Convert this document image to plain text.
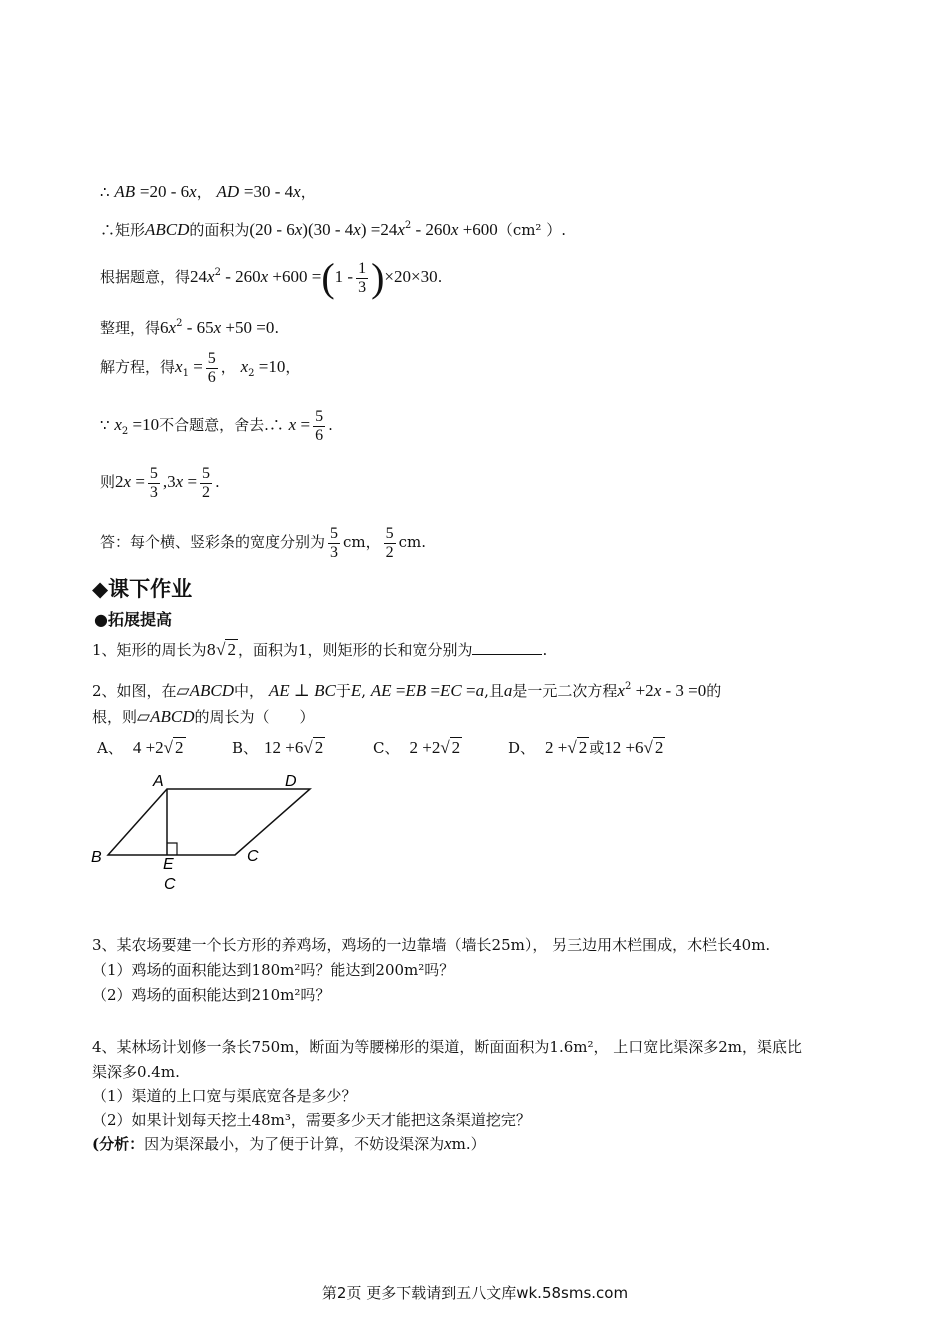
∴ AB =20 - 6x， AD =30 - 4x，
∴矩形ABCD的面积为$(20 - 6x)(30 - 4x) =24x^2 - 260x +600(cm^2$ ）.
根据题意，得$24x^2 - 260x +600 =(1 - \frac{1}{3} )\times 20\times 30$.
整理，得$6x^2 - 65x +50 =0$.
解方程，得$x_1 = \frac{5}{6}$ ， $x_2 =10$，
∵ $x_2 =10$不合题意，舍去.∴ $x = \frac{5}{6}$ .
则$2x = \frac{5}{3} ,3x = \frac{5}{2}$ .
答：每个横、竖彩条的宽度分别为 $\frac{5}{3}$ cm， $\frac{5}{2}$ cm.
◆课下作业
●拓展提高
1、矩形的周长为8√ 2 ，面积为1，则矩形的长和宽分别为	.
2、如图，在▱ABCD中， AE ⊥ BC于E, AE =EB =EC =a,且a是一元二次方程$x^2 +2x - 3 =0$的
根，则▱ABCD的周长为（　　）
A、 4 +2√ 2	B、 12 +6√ 2	C、 2 +2√ 2	D、 2 +√ 2 或12 +6√ 2
A	D
B	E	C
C
3、某农场要建一个长方形的养鸡场，鸡场的一边靠墙（墙长25m）， 另三边用木栏围成，木栏长40m.
（1）鸡场的面积能达到180m²吗？能达到200m²吗？
（2）鸡场的面积能达到210m²吗？
4、某林场计划修一条长750m，断面为等腰梯形的渠道，断面面积为1.6m²， 上口宽比渠深多2m，渠底比
渠深多0.4m.
（1）渠道的上口宽与渠底宽各是多少？
（2）如果计划每天挖土48m³，需要多少天才能把这条渠道挖完？
(分析：因为渠深最小，为了便于计算，不妨设渠深为xm.）
第2页 更多下载请到五八文库wk.58sms.com
